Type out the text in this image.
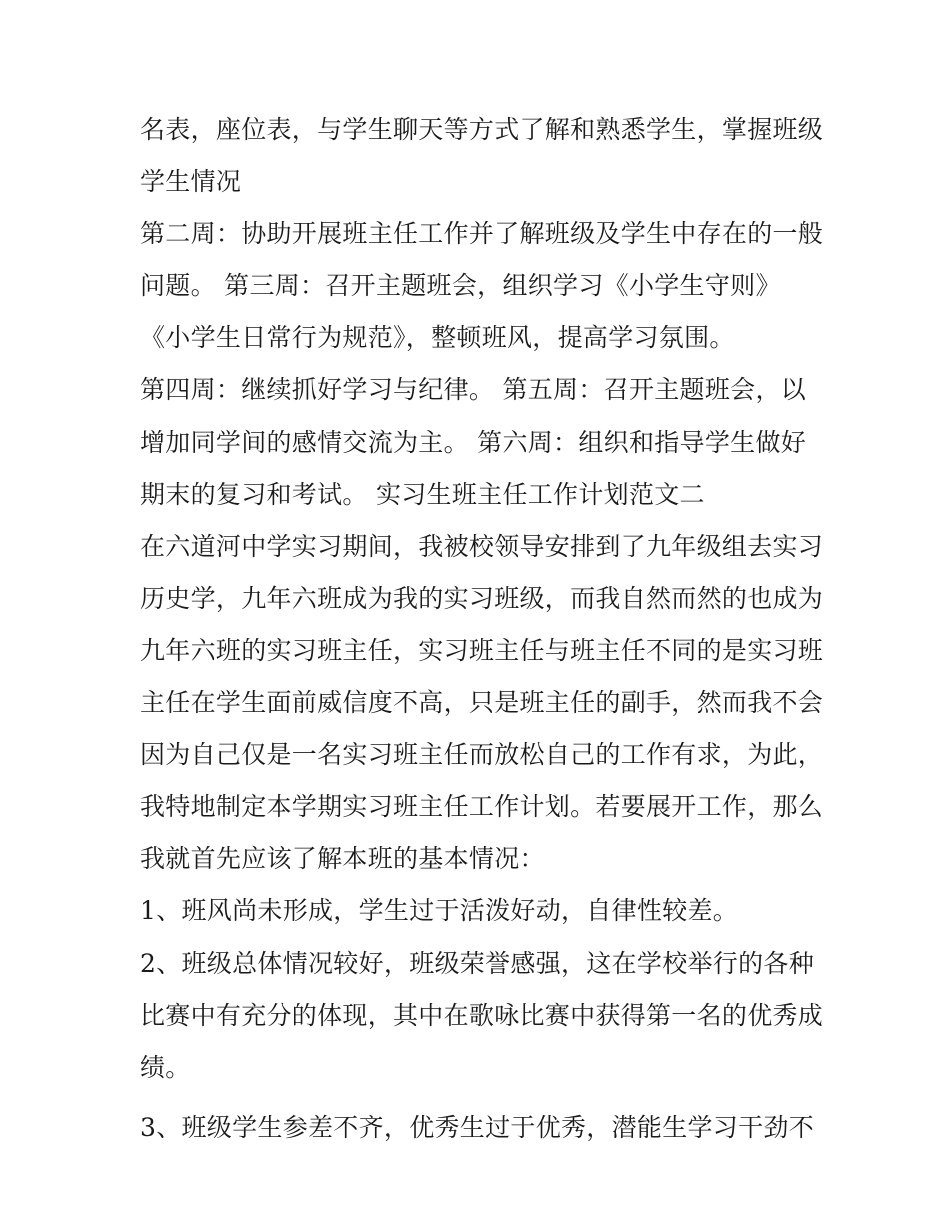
名表，座位表，与学生聊天等方式了解和熟悉学生，掌握班级
学生情况
第二周：协助开展班主任工作并了解班级及学生中存在的一般
问题。 第三周：召开主题班会，组织学习《小学生守则》
《小学生日常行为规范》，整顿班风，提高学习氛围。
第四周：继续抓好学习与纪律。 第五周：召开主题班会，以
增加同学间的感情交流为主。 第六周：组织和指导学生做好
期末的复习和考试。 实习生班主任工作计划范文二
在六道河中学实习期间，我被校领导安排到了九年级组去实习
历史学，九年六班成为我的实习班级，而我自然而然的也成为
九年六班的实习班主任，实习班主任与班主任不同的是实习班
主任在学生面前威信度不高，只是班主任的副手，然而我不会
因为自己仅是一名实习班主任而放松自己的工作有求，为此，
我特地制定本学期实习班主任工作计划。若要展开工作，那么
我就首先应该了解本班的基本情况：
1、班风尚未形成，学生过于活泼好动，自律性较差。
2、班级总体情况较好，班级荣誉感强，这在学校举行的各种
比赛中有充分的体现，其中在歌咏比赛中获得第一名的优秀成
绩。
3、班级学生参差不齐，优秀生过于优秀，潜能生学习干劲不
